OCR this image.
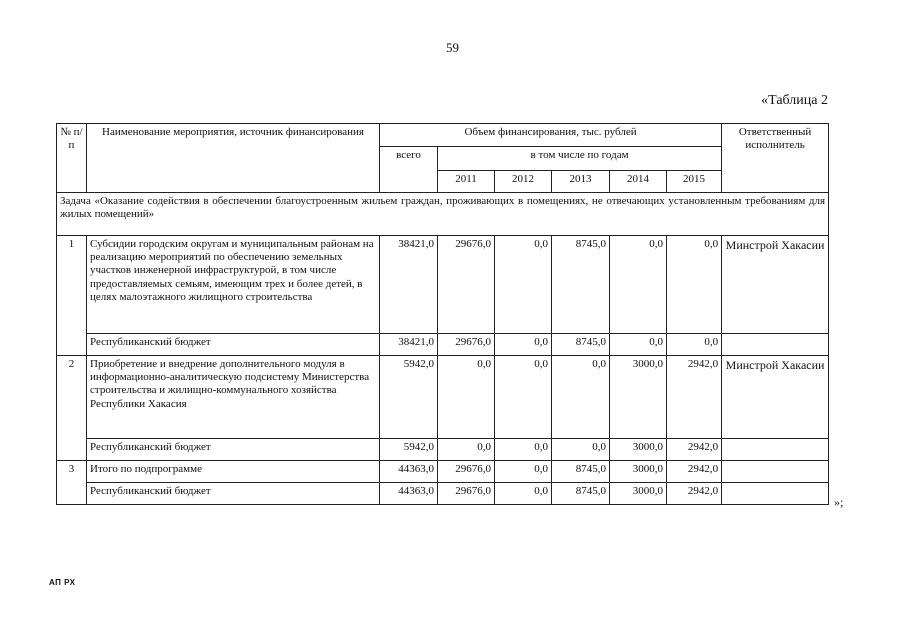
59
«Таблица 2
№ п/п	Наименование мероприятия, источник финансирования	Объем финансирования, тыс. рублей						Ответственный исполнитель
		всего	в том числе по годам					
			2011	2012	2013	2014	2015	
Задача «Оказание содействия в обеспечении благоустроенным жильем граждан, проживающих в помещениях, не отвечающих установленным требованиям для жилых помещений»								
1	Субсидии городским округам и муниципальным районам на реализацию мероприятий по обеспечению земельных участков инженерной инфраструктурой, в том числе предоставляемых семьям, имеющим трех и более детей, в целях малоэтажного жилищного строительства	38421,0	29676,0	0,0	8745,0	0,0	0,0	Минстрой Хакасии
	Республиканский бюджет	38421,0	29676,0	0,0	8745,0	0,0	0,0	
2	Приобретение и внедрение дополнительного модуля в информационно-аналитическую подсистему Министерства строительства и жилищно-коммунального хозяйства Республики Хакасия	5942,0	0,0	0,0	0,0	3000,0	2942,0	Минстрой Хакасии
	Республиканский бюджет	5942,0	0,0	0,0	0,0	3000,0	2942,0	
3	Итого по подпрограмме	44363,0	29676,0	0,0	8745,0	3000,0	2942,0	
	Республиканский бюджет	44363,0	29676,0	0,0	8745,0	3000,0	2942,0	
»;
АП РХ
